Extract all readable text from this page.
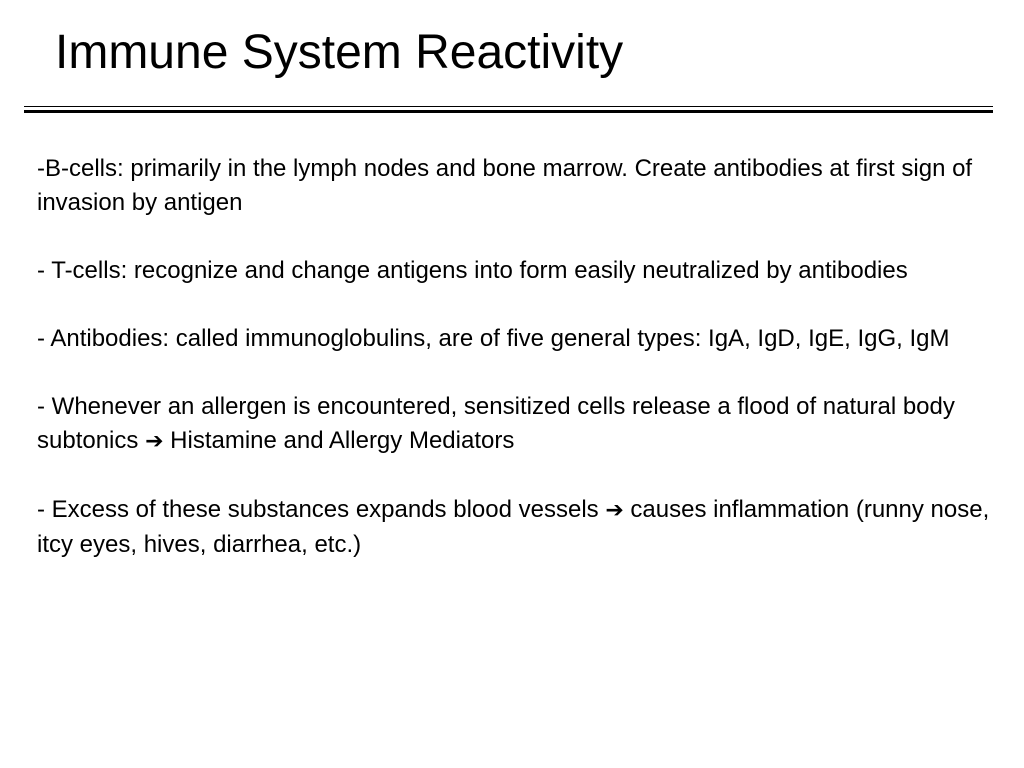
Immune System Reactivity

-B-cells: primarily in the lymph nodes and bone marrow. Create antibodies at first sign of invasion by antigen

- T-cells: recognize and change antigens into form easily neutralized by antibodies

- Antibodies: called immunoglobulins, are of five general types: IgA, IgD, IgE, IgG, IgM

- Whenever an allergen is encountered, sensitized cells release a flood of natural body subtonics ➔ Histamine and Allergy Mediators

- Excess of these substances expands blood vessels ➔ causes inflammation (runny nose, itcy eyes, hives, diarrhea, etc.)
